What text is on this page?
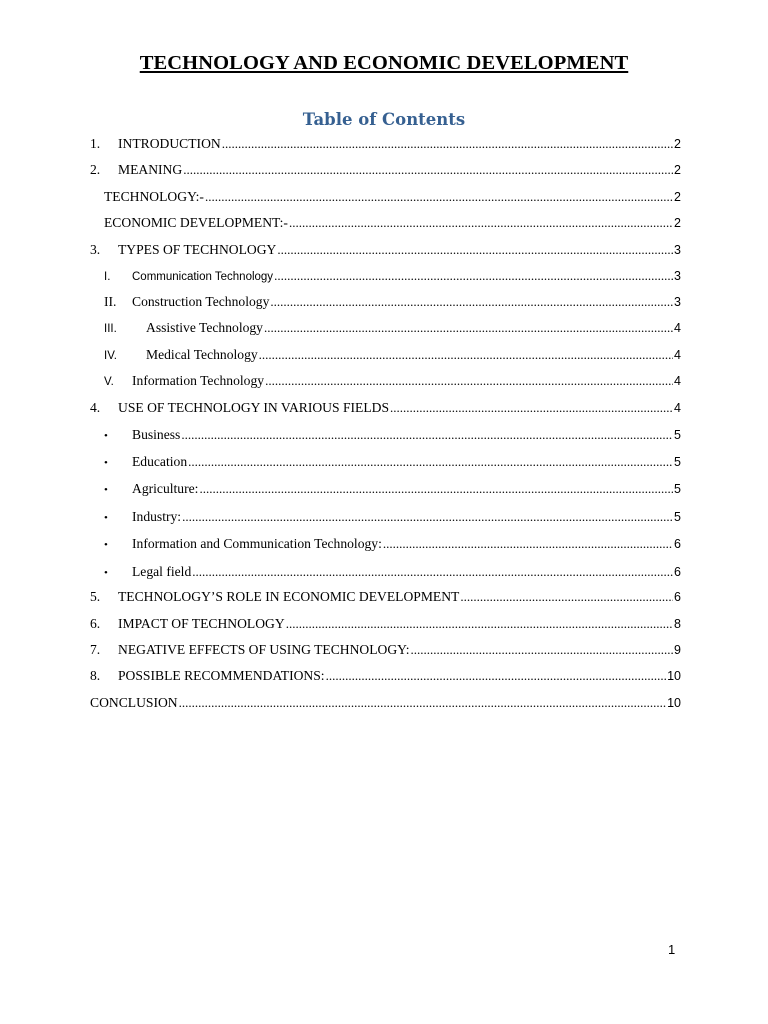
TECHNOLOGY AND ECONOMIC DEVELOPMENT
Table of Contents
1.	INTRODUCTION .....	2
2.	MEANING .....	2
TECHNOLOGY:- .....	2
ECONOMIC DEVELOPMENT:- .....	2
3.	TYPES OF TECHNOLOGY .....	3
I.	Communication Technology .....	3
II.	Construction Technology .....	3
III.	Assistive Technology .....	4
IV.	Medical Technology .....	4
V.	Information Technology .....	4
4.	USE OF TECHNOLOGY IN VARIOUS FIELDS .....	4
•	Business .....	5
•	Education .....	5
•	Agriculture: .....	5
•	Industry: .....	5
•	Information and Communication Technology: .....	6
•	Legal field .....	6
5.	TECHNOLOGY’S ROLE IN ECONOMIC DEVELOPMENT .....	6
6.	IMPACT OF TECHNOLOGY .....	8
7.	NEGATIVE EFFECTS OF USING TECHNOLOGY: .....	9
8.	POSSIBLE RECOMMENDATIONS: .....	10
CONCLUSION .....	10
1
